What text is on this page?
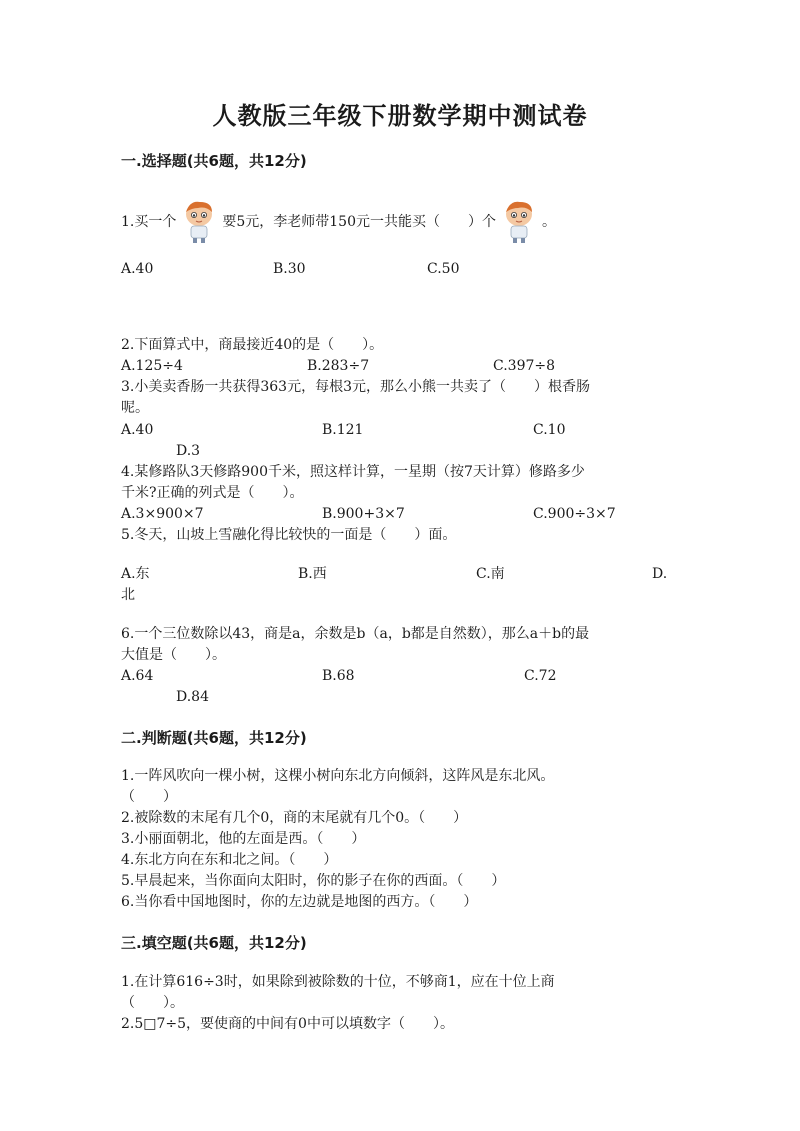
人教版三年级下册数学期中测试卷
一.选择题(共6题，共12分)
1.买一个	要5元，李老师带150元一共能买（　　）个	。
A.40	B.30	C.50
2.下面算式中，商最接近40的是（　　）。
A.125÷4	B.283÷7	C.397÷8
3.小美卖香肠一共获得363元，每根3元，那么小熊一共卖了（　　）根香肠
呢。
A.40	B.121	C.10
D.3
4.某修路队3天修路900千米，照这样计算，一星期（按7天计算）修路多少
千米?正确的列式是（　　）。
A.3×900×7	B.900+3×7	C.900÷3×7
5.冬天，山坡上雪融化得比较快的一面是（　　）面。
A.东	B.西	C.南	D.
北
6.一个三位数除以43，商是a，余数是b（a，b都是自然数），那么a＋b的最
大值是（　　）。
A.64	B.68	C.72
D.84
二.判断题(共6题，共12分)
1.一阵风吹向一棵小树，这棵小树向东北方向倾斜，这阵风是东北风。
（　　）
2.被除数的末尾有几个0，商的末尾就有几个0。（　　）
3.小丽面朝北，他的左面是西。（　　）
4.东北方向在东和北之间。（　　）
5.早晨起来，当你面向太阳时，你的影子在你的西面。（　　）
6.当你看中国地图时，你的左边就是地图的西方。（　　）
三.填空题(共6题，共12分)
1.在计算616÷3时，如果除到被除数的十位，不够商1，应在十位上商
（　　）。
2.5□7÷5，要使商的中间有0中可以填数字（　　）。
